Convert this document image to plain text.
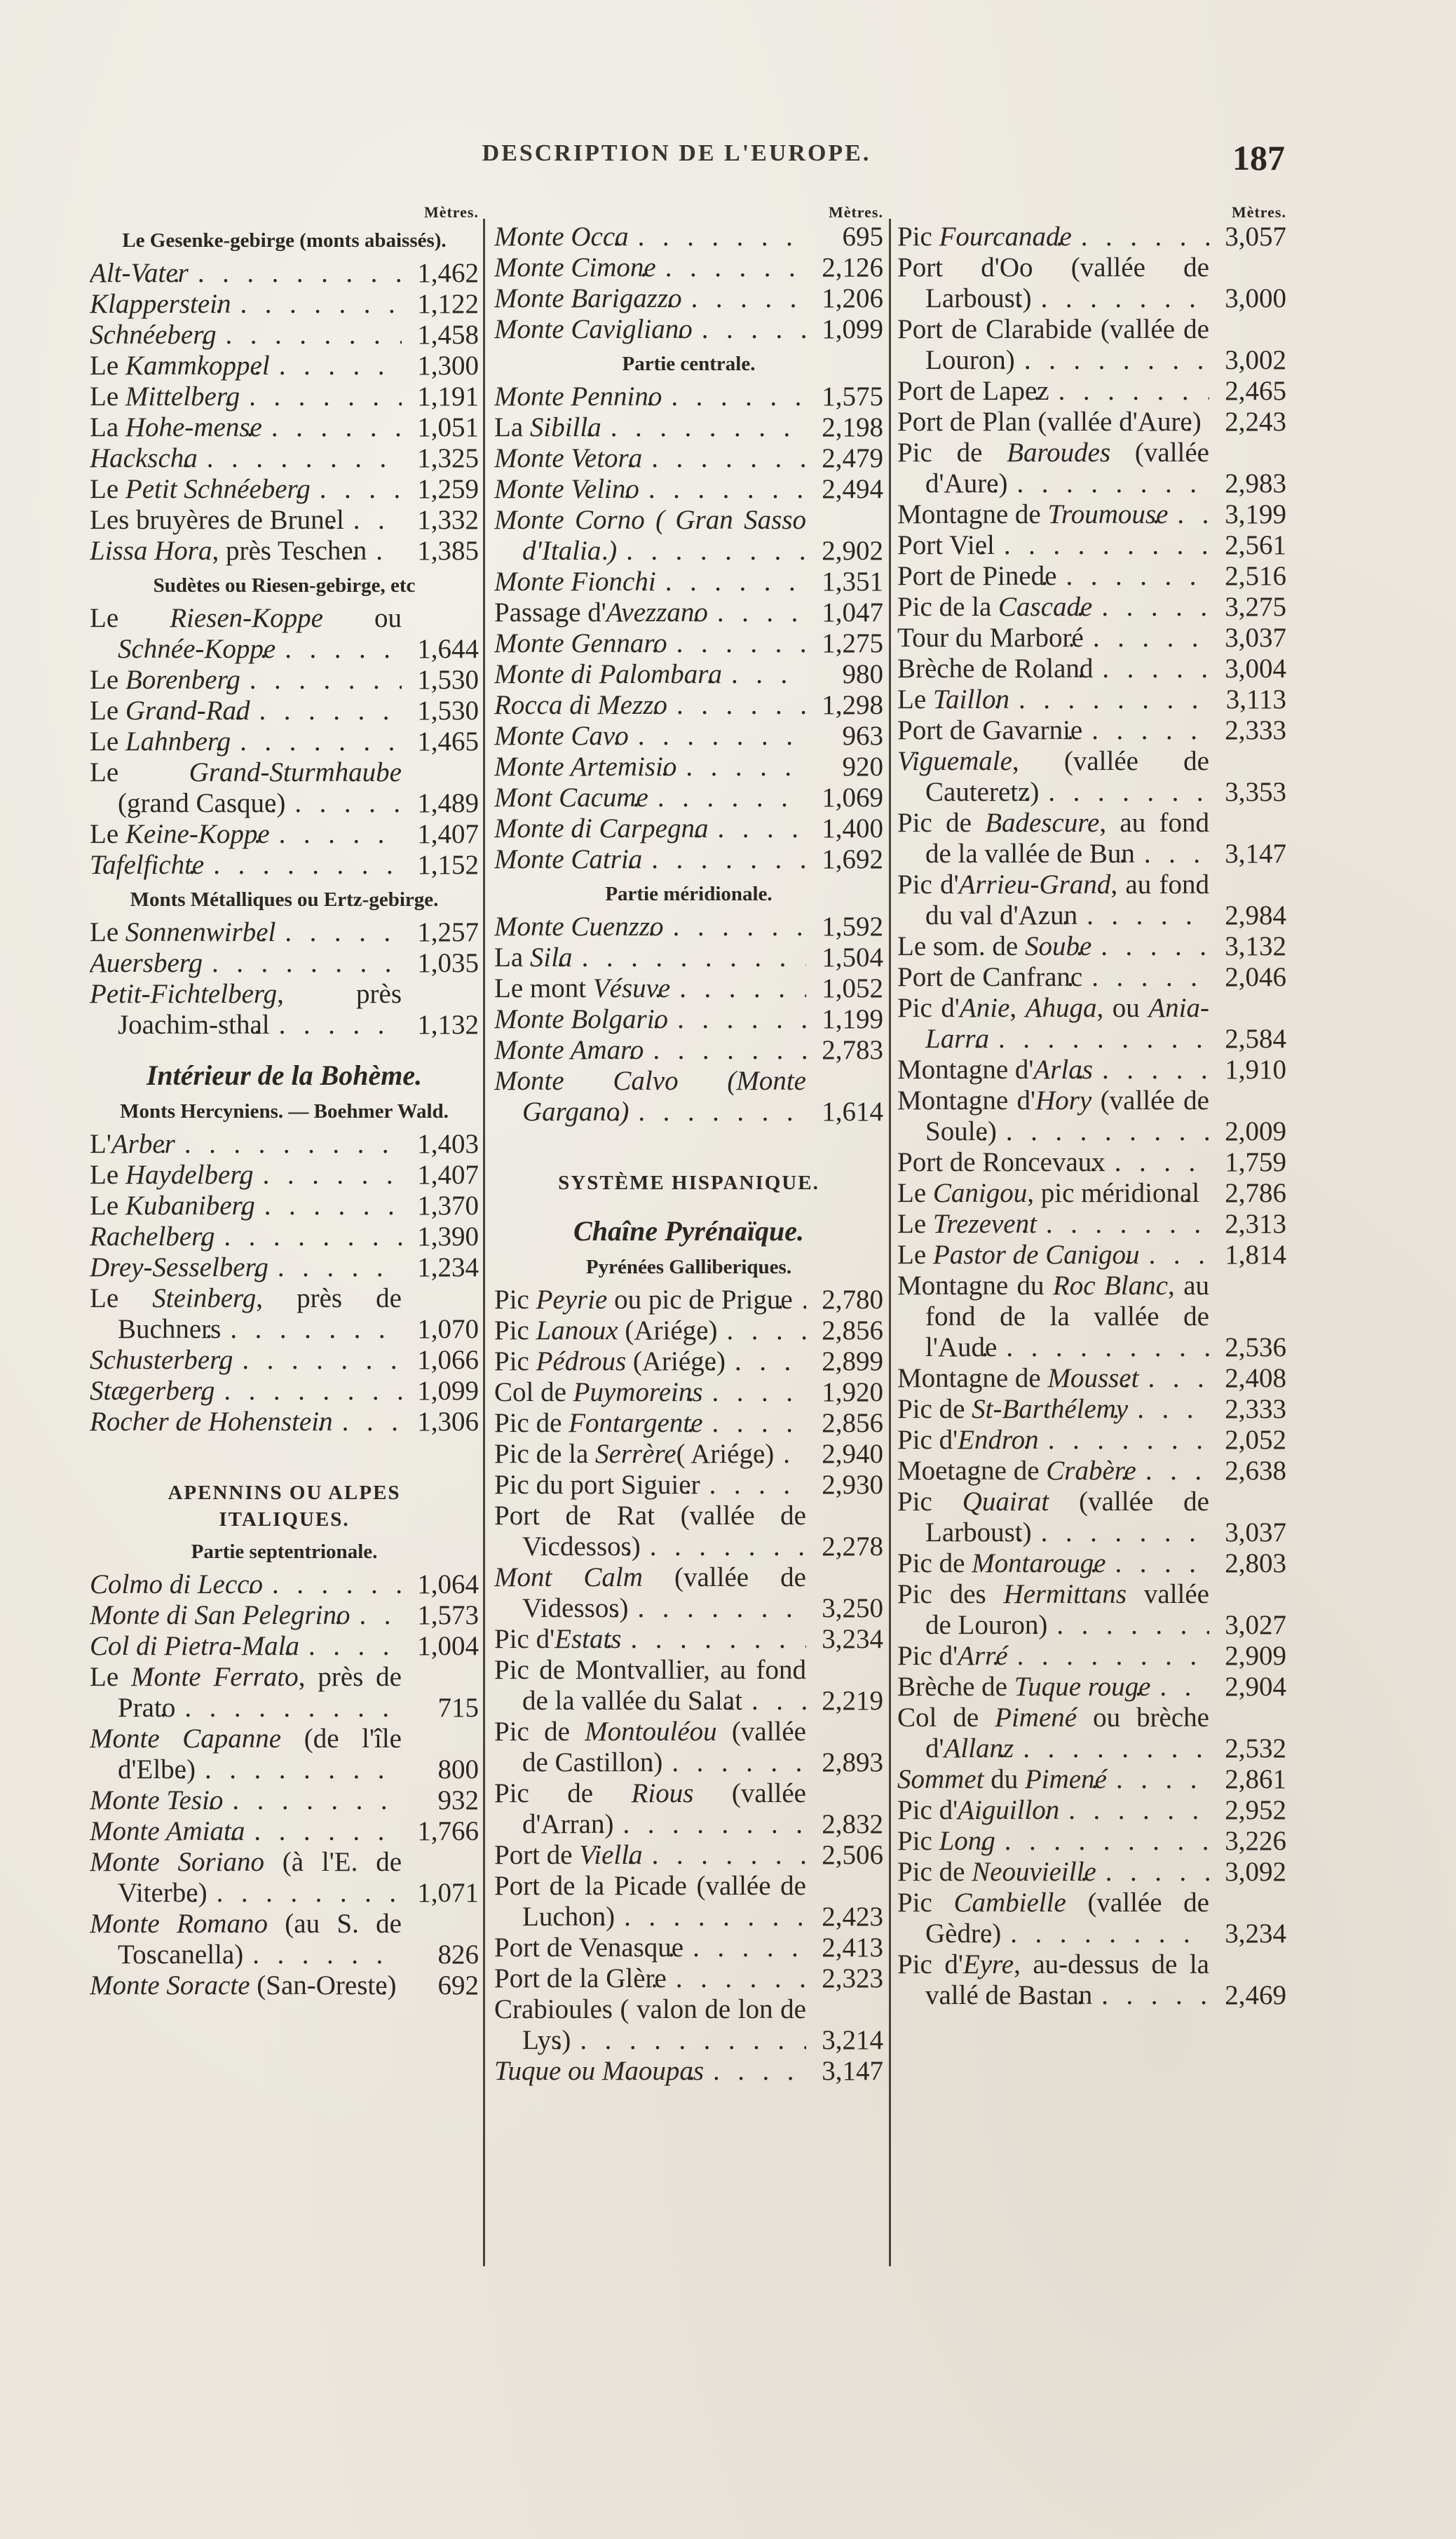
DESCRIPTION DE L'EUROPE.	187
Mètres.
Le Gesenke-gebirge (monts abaissés).
Alt-Vater . .	1,462
Klapperstein . .	1,122
Schnéeberg . .	1,458
Le Kammkoppel . .	1,300
Le Mittelberg . .	1,191
La Hohe-mense . .	1,051
Hackscha . .	1,325
Le Petit Schnéeberg . .	1,259
Les bruyères de Brunel . .	1,332
Lissa Hora, près Teschen . .	1,385
Sudètes ou Riesen-gebirge, etc
Le Riesen-Koppe ou Schnée-Koppe . .	1,644
Le Borenberg . .	1,530
Le Grand-Rad . .	1,530
Le Lahnberg . .	1,465
Le Grand-Sturmhaube (grand Casque) . .	1,489
Le Keine-Koppe . .	1,407
Tafelfichte . .	1,152
Monts Métalliques ou Ertz-gebirge.
Le Sonnenwirbel . .	1,257
Auersberg . .	1,035
Petit-Fichtelberg, près Joachim-sthal . .	1,132
Intérieur de la Bohème.
Monts Hercyniens. — Boehmer Wald.
L'Arber . .	1,403
Le Haydelberg . .	1,407
Le Kubaniberg . .	1,370
Rachelberg . .	1,390
Drey-Sesselberg . .	1,234
Le Steinberg, près de Buchners . .	1,070
Schusterberg . .	1,066
Stægerberg . .	1,099
Rocher de Hohenstein . .	1,306
APENNINS OU ALPES ITALIQUES.
Partie septentrionale.
Colmo di Lecco . .	1,064
Monte di San Pelegrino . .	1,573
Col di Pietra-Mala . .	1,004
Le Monte Ferrato, près de Prato . .	715
Monte Capanne (de l'île d'Elbe) . .	800
Monte Tesio . .	932
Monte Amiata . .	1,766
Monte Soriano (à l'E. de Viterbe) . .	1,071
Monte Romano (au S. de Toscanella) . .	826
Monte Soracte (San-Oreste) . .	692
Mètres.
Monte Occa . .	695
Monte Cimone . .	2,126
Monte Barigazzo . .	1,206
Monte Cavigliano . .	1,099
Partie centrale.
Monte Pennino . .	1,575
La Sibilla . .	2,198
Monte Vetora . .	2,479
Monte Velino . .	2,494
Monte Corno ( Gran Sasso d'Italia ) . .	2,902
Monte Fionchi . .	1,351
Passage d'Avezzano . .	1,047
Monte Gennaro . .	1,275
Monte di Palombara . .	980
Rocca di Mezzo . .	1,298
Monte Cavo . .	963
Monte Artemisio . .	920
Mont Cacume . .	1,069
Monte di Carpegna . .	1,400
Monte Catria . .	1,692
Partie méridionale.
Monte Cuenzzo . .	1,592
La Sila . .	1,504
Le mont Vésuve . .	1,052
Monte Bolgario . .	1,199
Monte Amaro . .	2,783
Monte Calvo (Monte Gargano) . .	1,614
SYSTÈME HISPANIQUE.
Chaîne Pyrénaïque.
Pyrénées Galliberiques.
Pic Peyrie ou pic de Prigue . .	2,780
Pic Lanoux (Ariége) . .	2,856
Pic Pédrous (Ariége) . .	2,899
Col de Puymoreins . .	1,920
Pic de Fontargente . .	2,856
Pic de la Serrère( Ariége) . .	2,940
Pic du port Siguier . .	2,930
Port de Rat (vallée de Vicdessos) . .	2,278
Mont Calm (vallée de Videssos) . .	3,250
Pic d'Estats . .	3,234
Pic de Montvallier, au fond de la vallée du Salat . .	2,219
Pic de Montouléou (vallée de Castillon) . .	2,893
Pic de Rious (vallée d'Arran) . .	2,832
Port de Viella . .	2,506
Port de la Picade (vallée de Luchon) . .	2,423
Port de Venasque . .	2,413
Port de la Glère . .	2,323
Crabioules ( valon de lon de Lys) . .	3,214
Tuque ou Maoupas . .	3,147
Mètres.
Pic Fourcanade . .	3,057
Port d'Oo (vallée de Larboust) . .	3,000
Port de Clarabide (vallée de Louron) . .	3,002
Port de Lapez . .	2,465
Port de Plan (vallée d'Aure) . . 2,243
Pic de Baroudes (vallée d'Aure) . .	2,983
Montagne de Troumouse . .	3,199
Port Viel . .	2,561
Port de Pinede . .	2,516
Pic de la Cascade . .	3,275
Tour du Marboré . .	3,037
Brèche de Roland . .	3,004
Le Taillon . .	3,113
Port de Gavarnie . .	2,333
Viguemale, (vallée de Cauteretz) . .	3,353
Pic de Badescure, au fond de la vallée de Bun . .	3,147
Pic d'Arrieu-Grand, au fond du val d'Azun . .	2,984
Le som. de Soube . .	3,132
Port de Canfranc . .	2,046
Pic d'Anie, Ahuga, ou Ania-Larra . .	2,584
Montagne d'Arlas . .	1,910
Montagne d'Hory (vallée de Soule) . .	2,009
Port de Roncevaux . .	1,759
Le Canigou, pic méridional . . 2,786
Le Trezevent . .	2,313
Le Pastor de Canigou . .	1,814
Montagne du Roc Blanc, au fond de la vallée de l'Aude . .	2,536
Montagne de Mousset . .	2,408
Pic de St-Barthélemy . .	2,333
Pic d'Endron . .	2,052
Moetagne de Crabère . .	2,638
Pic Quairat (vallée de Larboust) . .	3,037
Pic de Montarouge . .	2,803
Pic des Hermittans vallée de Louron) . .	3,027
Pic d'Arré . .	2,909
Brèche de Tuque rouge . .	2,904
Col de Pimené ou brèche d'Allanz . .	2,532
Sommet du Pimené . .	2,861
Pic d'Aiguillon . .	2,952
Pic Long . .	3,226
Pic de Neouvieille . .	3,092
Pic Cambielle (vallée de Gèdre) . .	3,234
Pic d'Eyre, au-dessus de la vallé de Bastan . .	2,469
